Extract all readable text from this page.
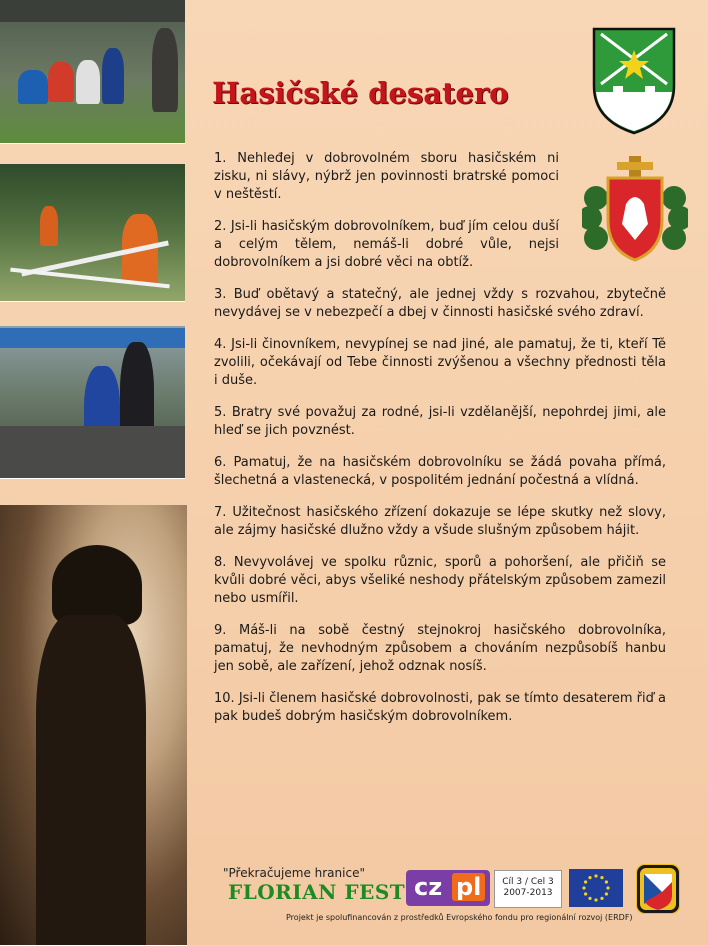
Hasičské desatero

1. Nehleđej v dobrovolném sboru hasičském ni zisku, ni slávy, nýbrž jen povinnosti bratrské pomoci v neštěstí.

2. Jsi-li hasičským dobrovolníkem, buď jím celou duší a celým tělem, nemáš-li dobré vůle, nejsi dobrovolníkem a jsi dobré věci na obtíž.

3. Buď obětavý a statečný, ale jednej vždy s rozvahou, zbytečně nevydávej se v nebezpečí a dbej v činnosti hasičské svého zdraví.

4. Jsi-li činovníkem, nevypínej se nad jiné, ale pamatuj, že ti, kteří Tě zvolili, očekávají od Tebe činnosti zvýšenou a všechny přednosti těla i duše.

5. Bratry své považuj za rodné, jsi-li vzdělanější, nepohrdej jimi, ale hleď se jich povznést.

6. Pamatuj, že na hasičském dobrovolníku se žádá povaha přímá, šlechetná a vlastenecká, v pospolitém jednání počestná a vlídná.

7. Užitečnost hasičského zřízení dokazuje se lépe skutky než slovy, ale zájmy hasičské dlužno vždy a všude slušným způsobem hájit.

8. Nevyvolávej ve spolku různic, sporů a pohoršení, ale přičiň se kvůli dobré věci, abys všeliké neshody přátelským způsobem zamezil nebo usmířil.

9. Máš-li na sobě čestný stejnokroj hasičského dobrovolníka, pamatuj, že nevhodným způsobem a chováním nezpůsobíš hanbu jen sobě, ale zařízení, jehož odznak nosíš.

10. Jsi-li členem hasičské dobrovolnosti, pak se tímto desaterem řiď a pak budeš dobrým hasičským dobrovolníkem.

"Překračujeme hranice"
FLORIAN FEST cz pl	Cíl 3 / Cel 3
2007-2013
Projekt je spolufinancován z prostředků Evropského fondu pro regionální rozvoj (ERDF)
